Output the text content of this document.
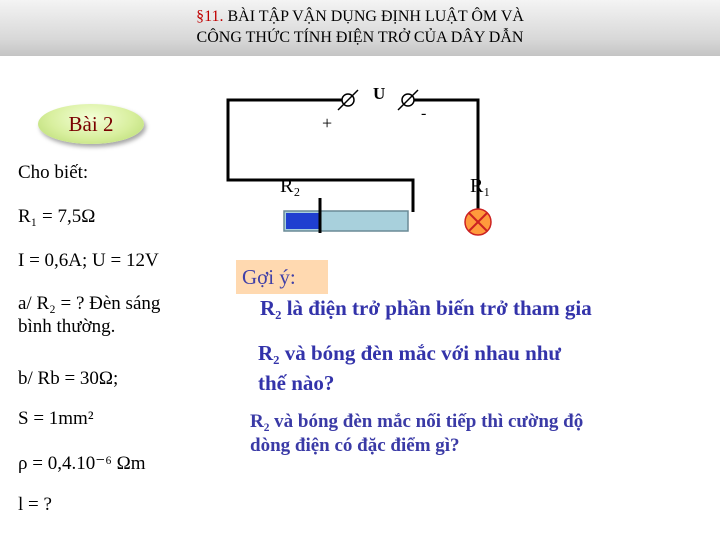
§11. BÀI TẬP VẬN DỤNG ĐỊNH LUẬT ÔM VÀ
CÔNG THỨC TÍNH ĐIỆN TRỞ CỦA DÂY DẪN
Bài 2
Cho biết:
R₁ = 7,5Ω
I = 0,6A; U = 12V
a/ R₂ = ? Đèn sáng
bình thường.
b/ Rb = 30Ω;
S = 1mm²
ρ = 0,4.10⁻⁶ Ωm
l = ?
U
+	-
R₂	R₁
Gợi ý:
R₂ là điện trở phần biến trở tham gia
R₂ và bóng đèn mắc với nhau như
thế nào?
R₂ và bóng đèn mắc nối tiếp thì cường độ
dòng điện có đặc điểm gì?
